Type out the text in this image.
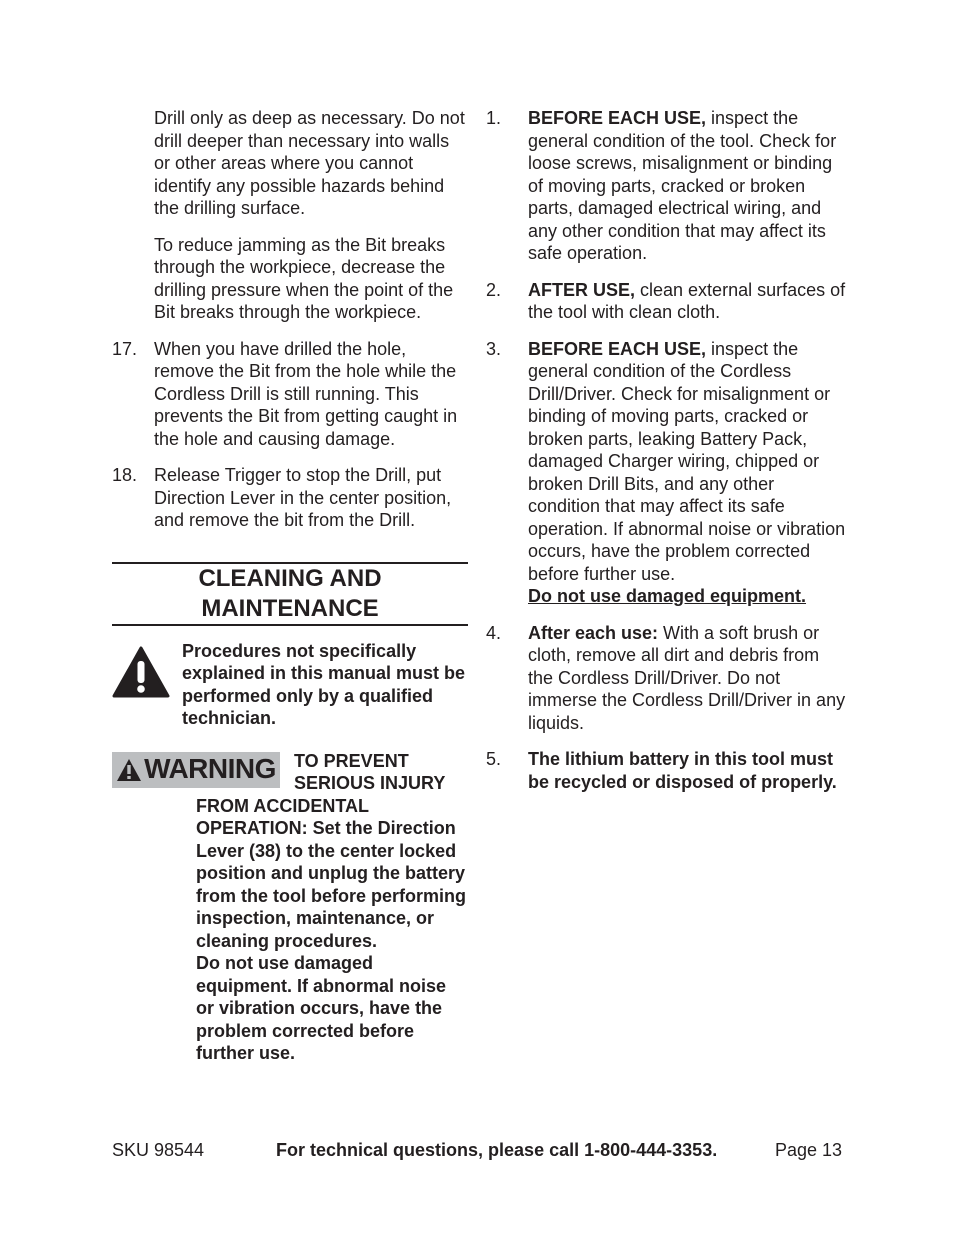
Drill only as deep as necessary. Do not drill deeper than necessary into walls or other areas where you cannot identify any possible hazards behind the drilling surface.

To reduce jamming as the Bit breaks through the workpiece, decrease the drilling pressure when the point of the Bit breaks through the workpiece.

17. When you have drilled the hole, remove the Bit from the hole while the Cordless Drill is still running. This prevents the Bit from getting caught in the hole and causing damage.
18. Release Trigger to stop the Drill, put Direction Lever in the center position, and remove the bit from the Drill.
CLEANING AND
MAINTENANCE

Procedures not specifically explained in this manual must be performed only by a qualified technician.

WARNING	TO PREVENT SERIOUS INJURY

FROM ACCIDENTAL OPERATION: Set the Direction Lever (38) to the center locked position and unplug the battery from the tool before performing inspection, maintenance, or cleaning procedures.

Do not use damaged equipment. If abnormal noise or vibration occurs, have the problem corrected before further use.

1.	BEFORE EACH USE, inspect the general condition of the tool. Check for loose screws, misalignment or binding of moving parts, cracked or broken parts, damaged electrical wiring, and any other condition that may affect its safe operation.
2.	AFTER USE, clean external surfaces of the tool with clean cloth.
3.	BEFORE EACH USE, inspect the general condition of the Cordless Drill/Driver. Check for misalignment or binding of moving parts, cracked or broken parts, leaking Battery Pack, damaged Charger wiring, chipped or broken Drill Bits, and any other condition that may affect its safe operation. If abnormal noise or vibration occurs, have the problem corrected before further use.
Do not use damaged equipment.
4.	After each use: With a soft brush or cloth, remove all dirt and debris from the Cordless Drill/Driver. Do not immerse the Cordless Drill/Driver in any liquids.
5.	The lithium battery in this tool must be recycled or disposed of properly.
SKU 98544	For technical questions, please call 1-800-444-3353.	Page 13
